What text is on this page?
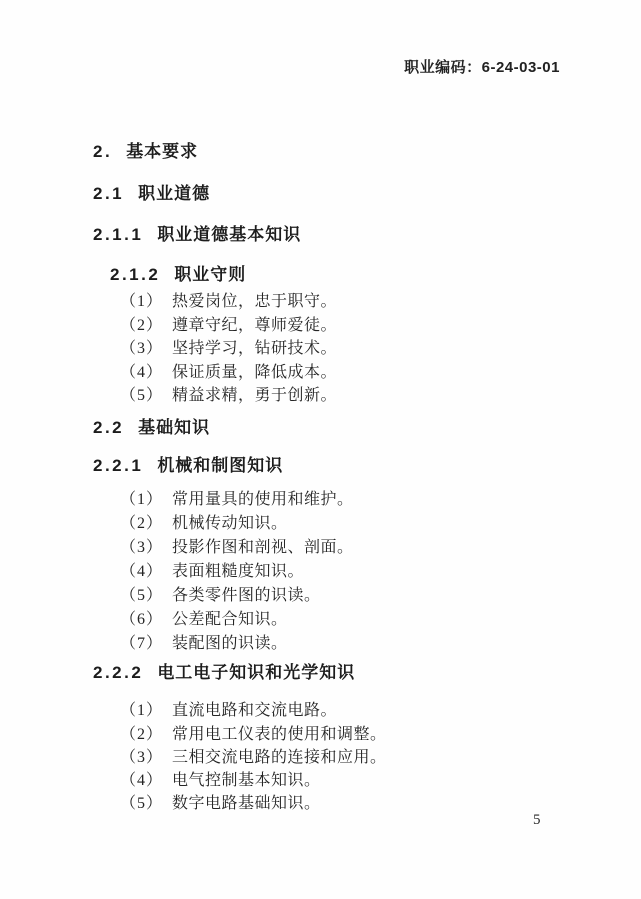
职业编码：6-24-03-01
2. 基本要求
2.1 职业道德
2.1.1 职业道德基本知识
2.1.2 职业守则
（1） 热爱岗位，忠于职守。
（2） 遵章守纪，尊师爱徒。
（3） 坚持学习，钻研技术。
（4） 保证质量，降低成本。
（5） 精益求精，勇于创新。
2.2 基础知识
2.2.1 机械和制图知识
（1） 常用量具的使用和维护。
（2） 机械传动知识。
（3） 投影作图和剖视、剖面。
（4） 表面粗糙度知识。
（5） 各类零件图的识读。
（6） 公差配合知识。
（7） 装配图的识读。
2.2.2 电工电子知识和光学知识
（1） 直流电路和交流电路。
（2） 常用电工仪表的使用和调整。
（3） 三相交流电路的连接和应用。
（4） 电气控制基本知识。
（5） 数字电路基础知识。
5
